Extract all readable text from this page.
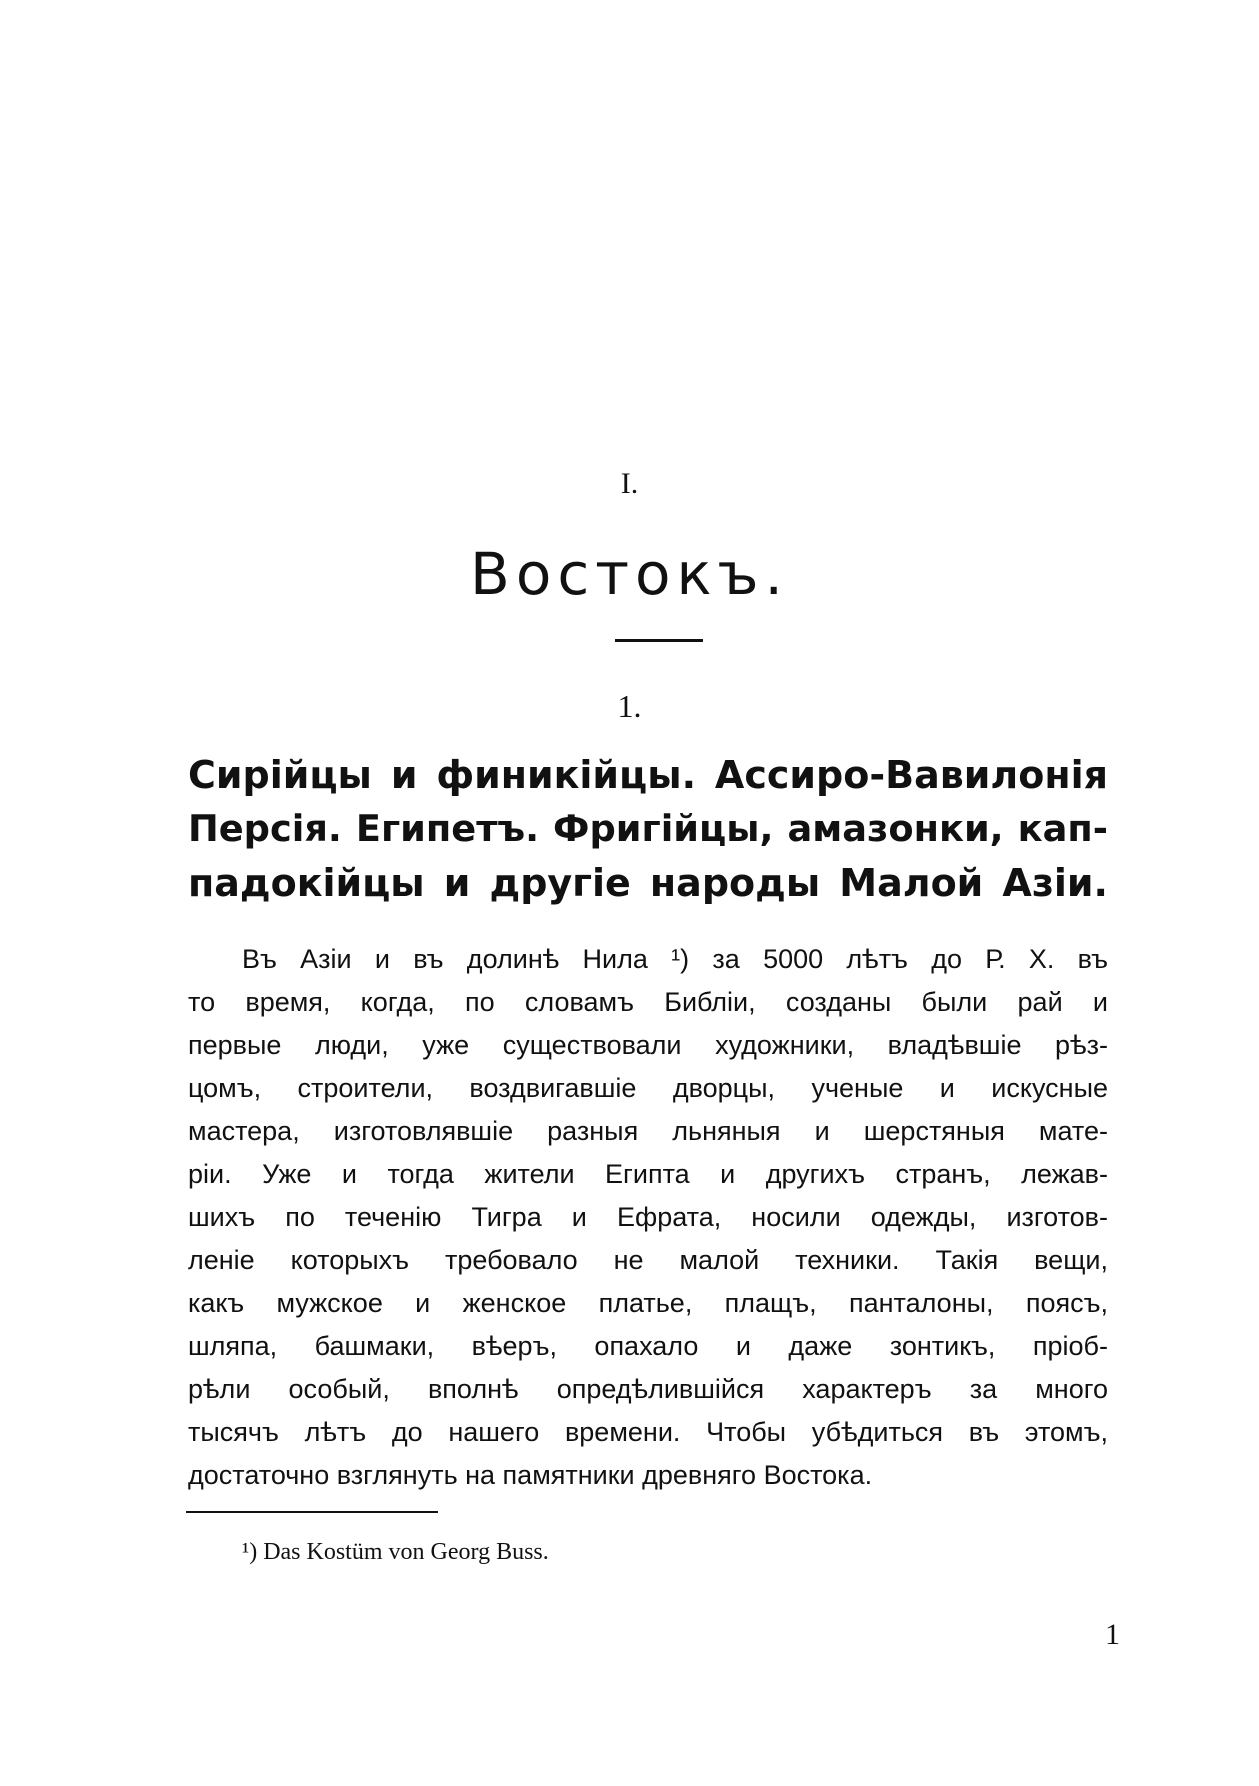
I.
Востокъ.
1.
Сирійцы и финикійцы. Ассиро-Вавилонія
Персія. Египетъ. Фригійцы, амазонки, кап-
падокійцы и другіе народы Малой Азіи.
Въ Азіи и въ долинѣ Нила ¹) за 5000 лѣтъ до Р. Х. въ
то время, когда, по словамъ Библіи, созданы были рай и
первые люди, уже существовали художники, владѣвшіе рѣз-
цомъ, строители, воздвигавшіе дворцы, ученые и искусные
мастера, изготовлявшіе разныя льняныя и шерстяныя мате-
ріи. Уже и тогда жители Египта и другихъ странъ, лежав-
шихъ по теченію Тигра и Ефрата, носили одежды, изготов-
леніе которыхъ требовало не малой техники. Такія вещи,
какъ мужское и женское платье, плащъ, панталоны, поясъ,
шляпа, башмаки, вѣеръ, опахало и даже зонтикъ, пріоб-
рѣли особый, вполнѣ опредѣлившійся характеръ за много
тысячъ лѣтъ до нашего времени. Чтобы убѣдиться въ этомъ,
достаточно взглянуть на памятники древняго Востока.
¹) Das Kostüm von Georg Buss.
1
